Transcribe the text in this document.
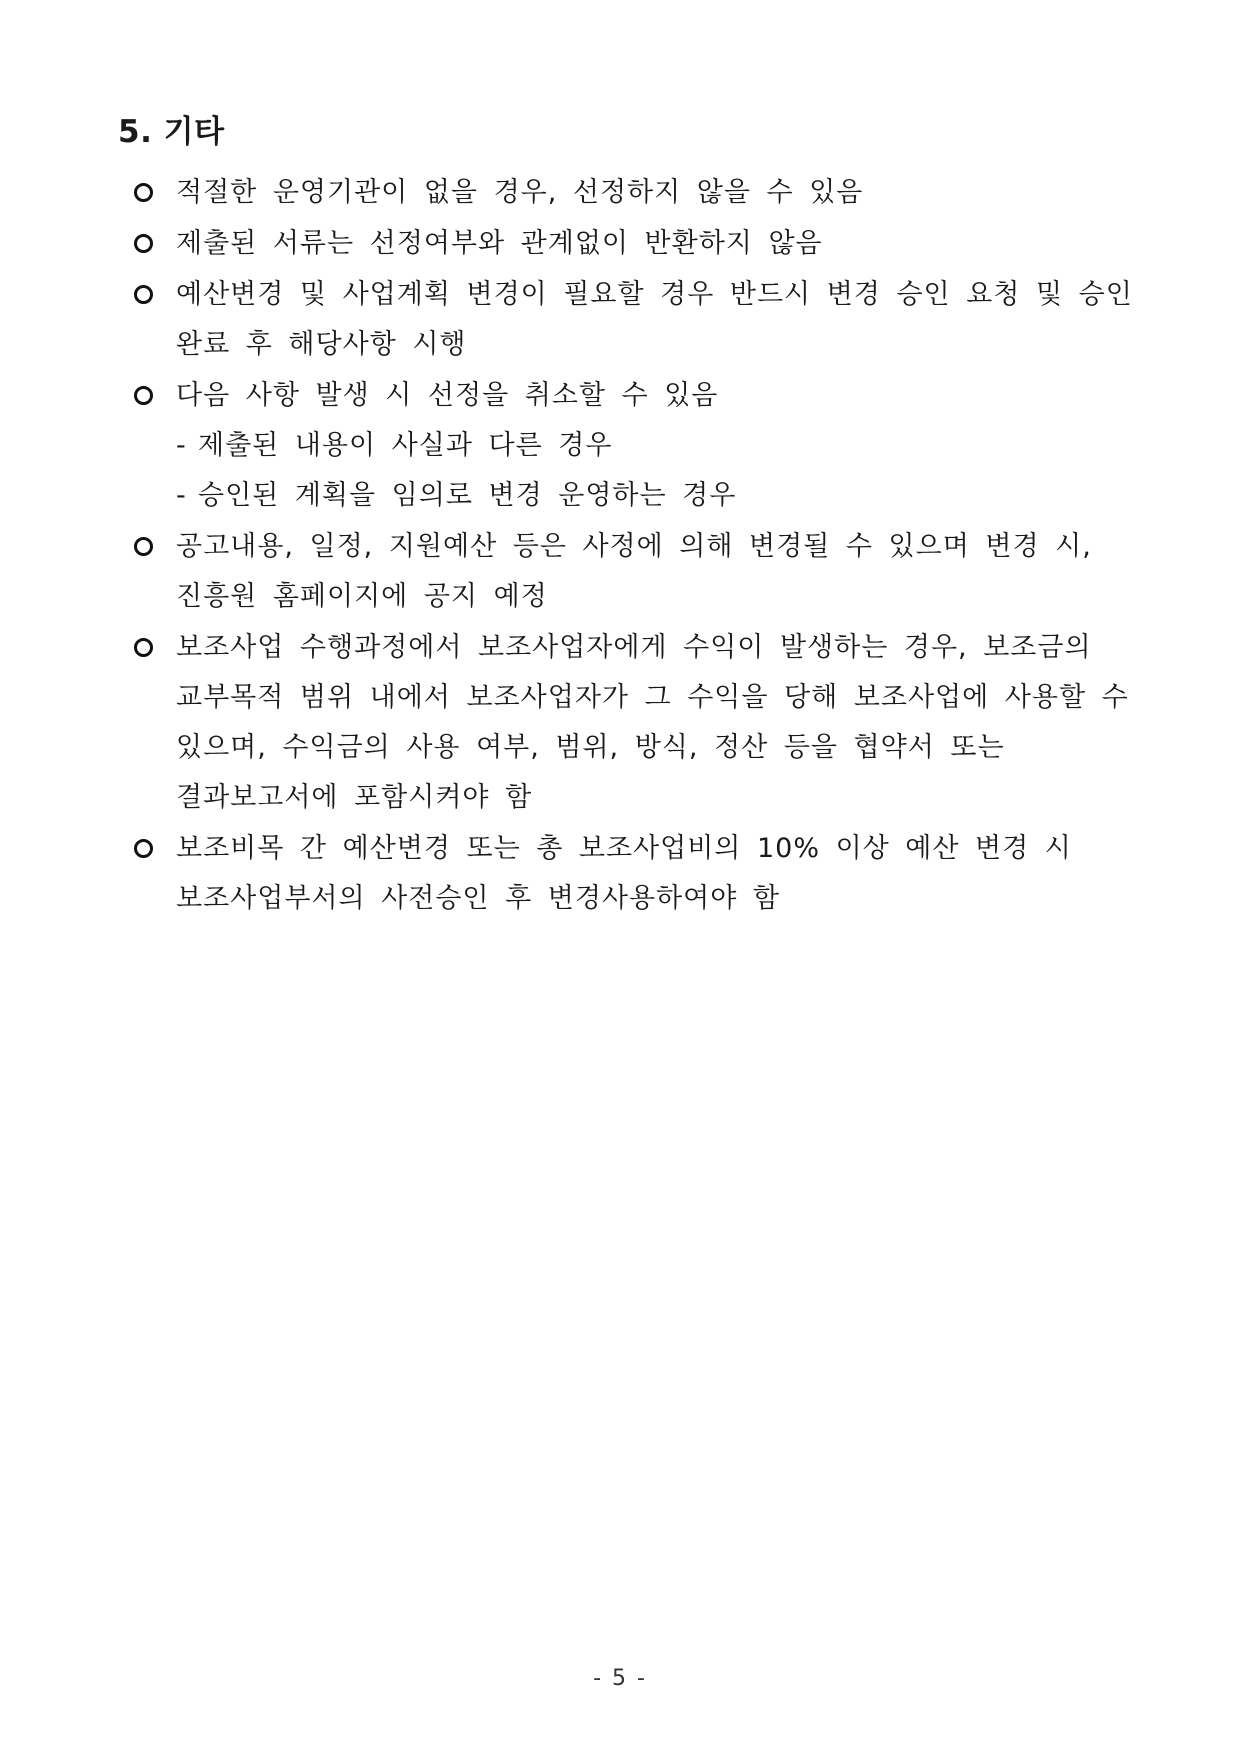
5. 기타
적절한 운영기관이 없을 경우, 선정하지 않을 수 있음
제출된 서류는 선정여부와 관계없이 반환하지 않음
예산변경 및 사업계획 변경이 필요할 경우 반드시 변경 승인 요청 및 승인
완료 후 해당사항 시행
다음 사항 발생 시 선정을 취소할 수 있음
- 제출된 내용이 사실과 다른 경우
- 승인된 계획을 임의로 변경 운영하는 경우
공고내용, 일정, 지원예산 등은 사정에 의해 변경될 수 있으며 변경 시,
진흥원 홈페이지에 공지 예정
보조사업 수행과정에서 보조사업자에게 수익이 발생하는 경우, 보조금의
교부목적 범위 내에서 보조사업자가 그 수익을 당해 보조사업에 사용할 수
있으며, 수익금의 사용 여부, 범위, 방식, 정산 등을 협약서 또는
결과보고서에 포함시켜야 함
보조비목 간 예산변경 또는 총 보조사업비의 10% 이상 예산 변경 시
보조사업부서의 사전승인 후 변경사용하여야 함
- 5 -
